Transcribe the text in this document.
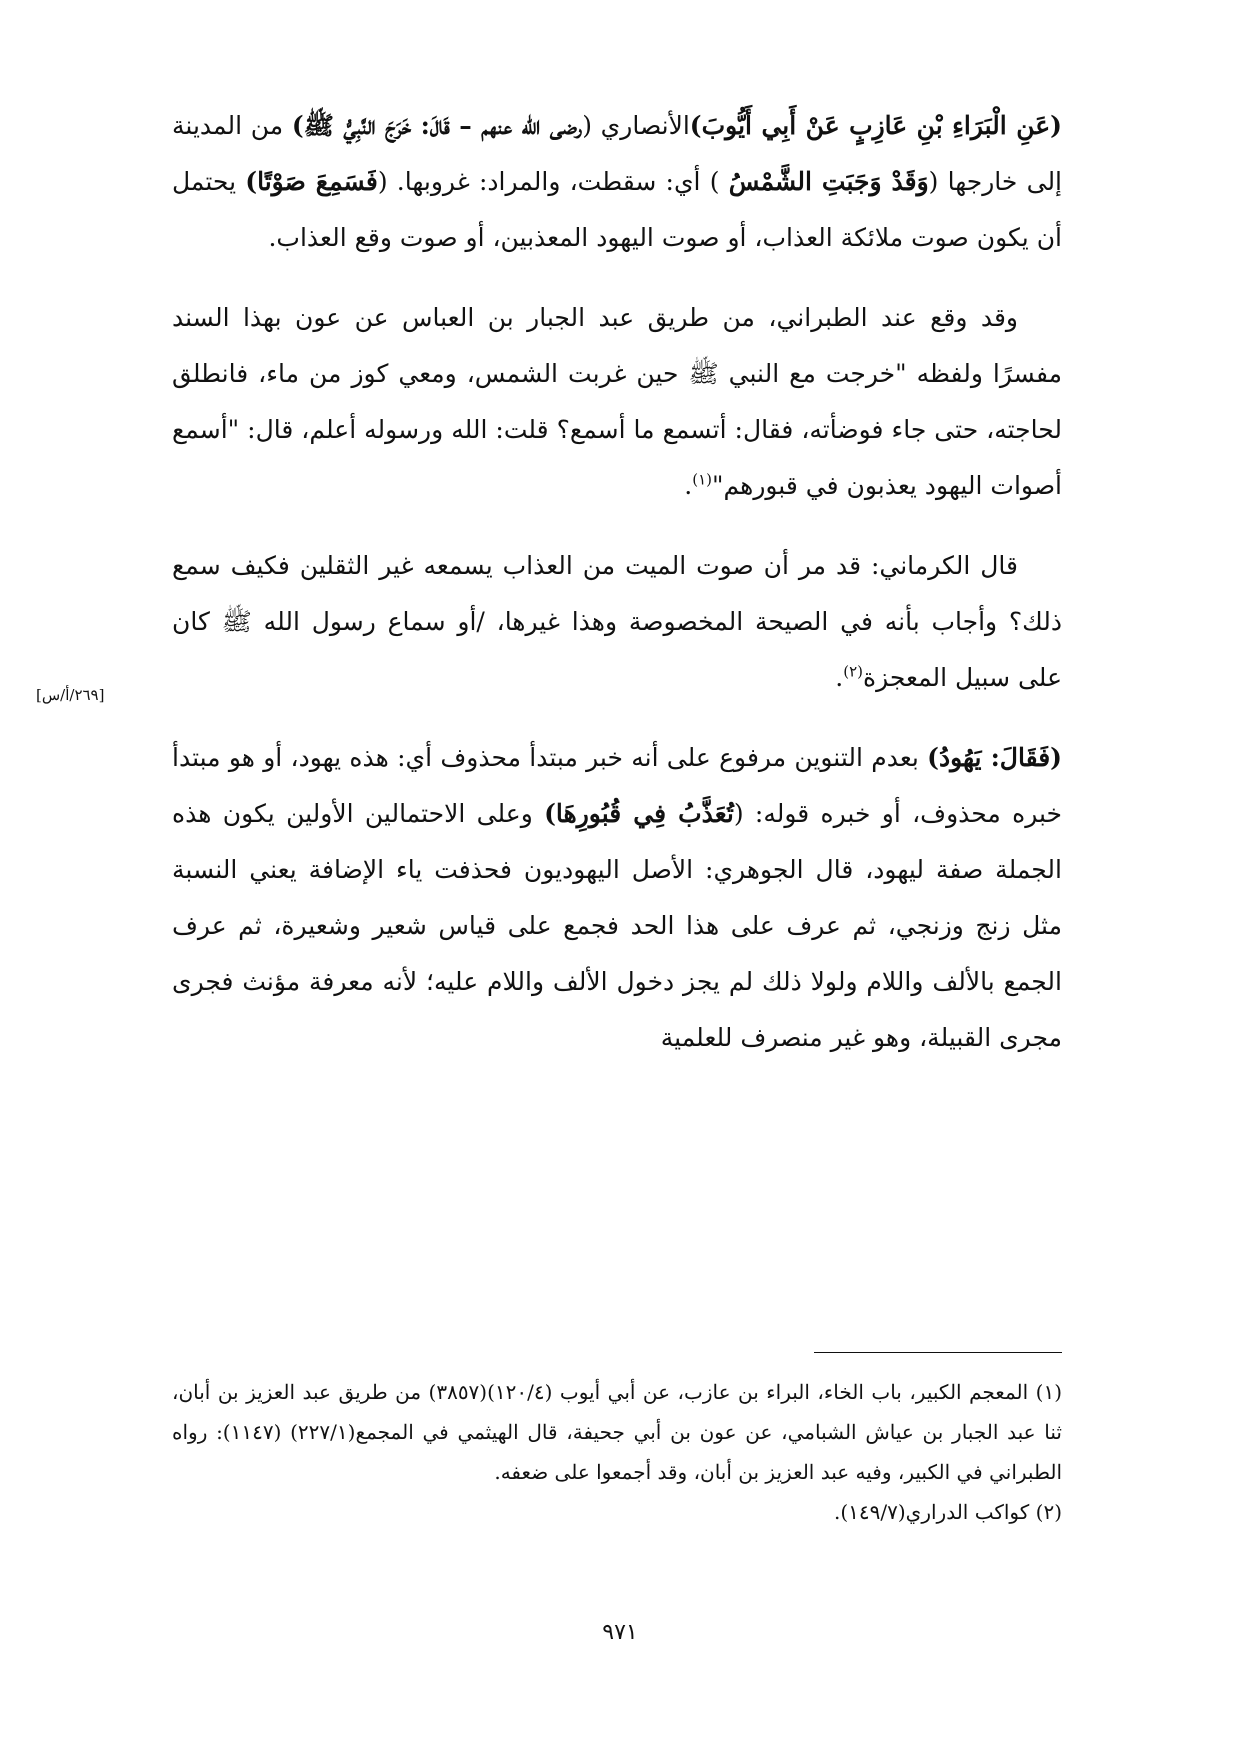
(عَنِ الْبَرَاءِ بْنِ عَازِبٍ عَنْ أَبِي أَيُّوبَ)الأنصاري (رضى الله عنهم – قَالَ: خَرَجَ النَّبِيُّ ﷺ) من المدينة إلى خارجها (وَقَدْ وَجَبَتِ الشَّمْسُ ) أي: سقطت، والمراد: غروبها. (فَسَمِعَ صَوْتًا) يحتمل أن يكون صوت ملائكة العذاب، أو صوت اليهود المعذبين، أو صوت وقع العذاب.

وقد وقع عند الطبراني، من طريق عبد الجبار بن العباس عن عون بهذا السند مفسرًا ولفظه "خرجت مع النبي ﷺ حين غربت الشمس، ومعي كوز من ماء، فانطلق لحاجته، حتى جاء فوضأته، فقال: أتسمع ما أسمع؟ قلت: الله ورسوله أعلم، قال: "أسمع أصوات اليهود يعذبون في قبورهم"$^{(١)}$.

قال الكرماني: قد مر أن صوت الميت من العذاب يسمعه غير الثقلين فكيف سمع ذلك؟ وأجاب بأنه في الصيحة المخصوصة وهذا غيرها، /أو سماع رسول الله ﷺ كان على سبيل المعجزة$^{(٢)}$.

(فَقَالَ: يَهُودُ) بعدم التنوين مرفوع على أنه خبر مبتدأ محذوف أي: هذه يهود، أو هو مبتدأ خبره محذوف، أو خبره قوله: (تُعَذَّبُ فِي قُبُورِهَا) وعلى الاحتمالين الأولين يكون هذه الجملة صفة ليهود، قال الجوهري: الأصل اليهوديون فحذفت ياء الإضافة يعني النسبة مثل زنج وزنجي، ثم عرف على هذا الحد فجمع على قياس شعير وشعيرة، ثم عرف الجمع بالألف واللام ولولا ذلك لم يجز دخول الألف واللام عليه؛ لأنه معرفة مؤنث فجرى مجرى القبيلة، وهو غير منصرف للعلمية

[٢٦٩/أ/س]

(١) المعجم الكبير، باب الخاء، البراء بن عازب، عن أبي أيوب (١٢٠/٤)(٣٨٥٧) من طريق عبد العزيز بن أبان، ثنا عبد الجبار بن عياش الشبامي، عن عون بن أبي جحيفة، قال الهيثمي في المجمع(٢٢٧/١) (١١٤٧): رواه الطبراني في الكبير، وفيه عبد العزيز بن أبان، وقد أجمعوا على ضعفه.

(٢) كواكب الدراري(١٤٩/٧).

٩٧١
